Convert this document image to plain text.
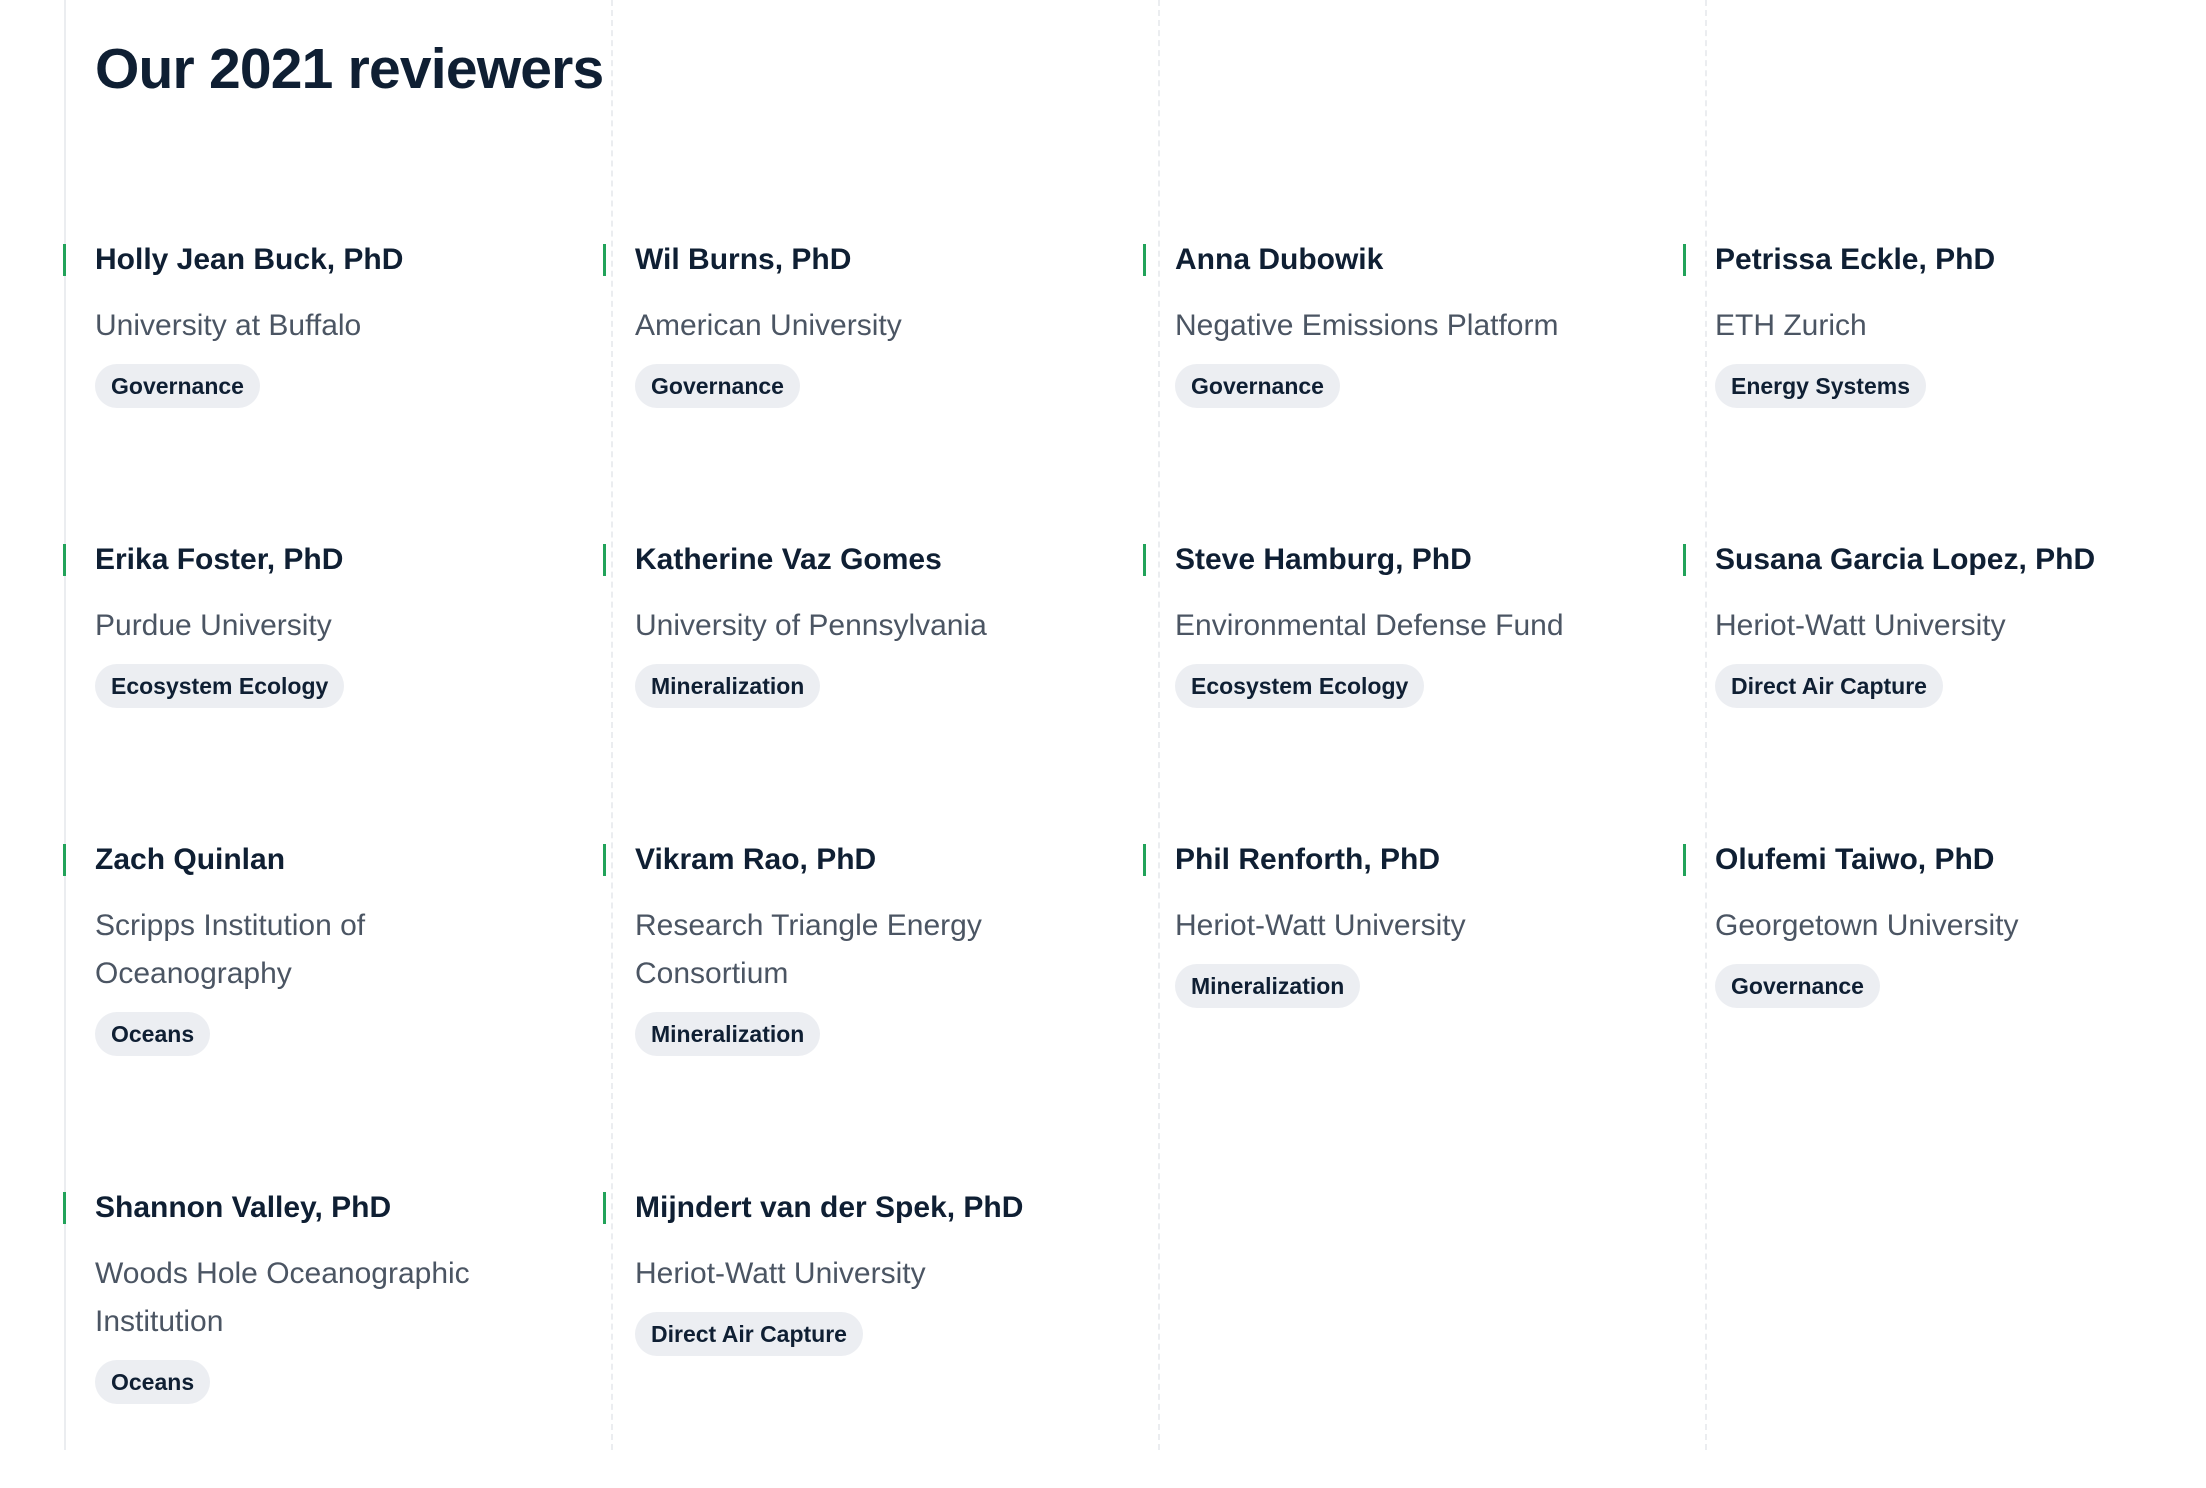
Our 2021 reviewers
Holly Jean Buck, PhD
University at Buffalo
Governance
Wil Burns, PhD
American University
Governance
Anna Dubowik
Negative Emissions Platform
Governance
Petrissa Eckle, PhD
ETH Zurich
Energy Systems
Erika Foster, PhD
Purdue University
Ecosystem Ecology
Katherine Vaz Gomes
University of Pennsylvania
Mineralization
Steve Hamburg, PhD
Environmental Defense Fund
Ecosystem Ecology
Susana Garcia Lopez, PhD
Heriot-Watt University
Direct Air Capture
Zach Quinlan
Scripps Institution of Oceanography
Oceans
Vikram Rao, PhD
Research Triangle Energy Consortium
Mineralization
Phil Renforth, PhD
Heriot-Watt University
Mineralization
Olufemi Taiwo, PhD
Georgetown University
Governance
Shannon Valley, PhD
Woods Hole Oceanographic Institution
Oceans
Mijndert van der Spek, PhD
Heriot-Watt University
Direct Air Capture
